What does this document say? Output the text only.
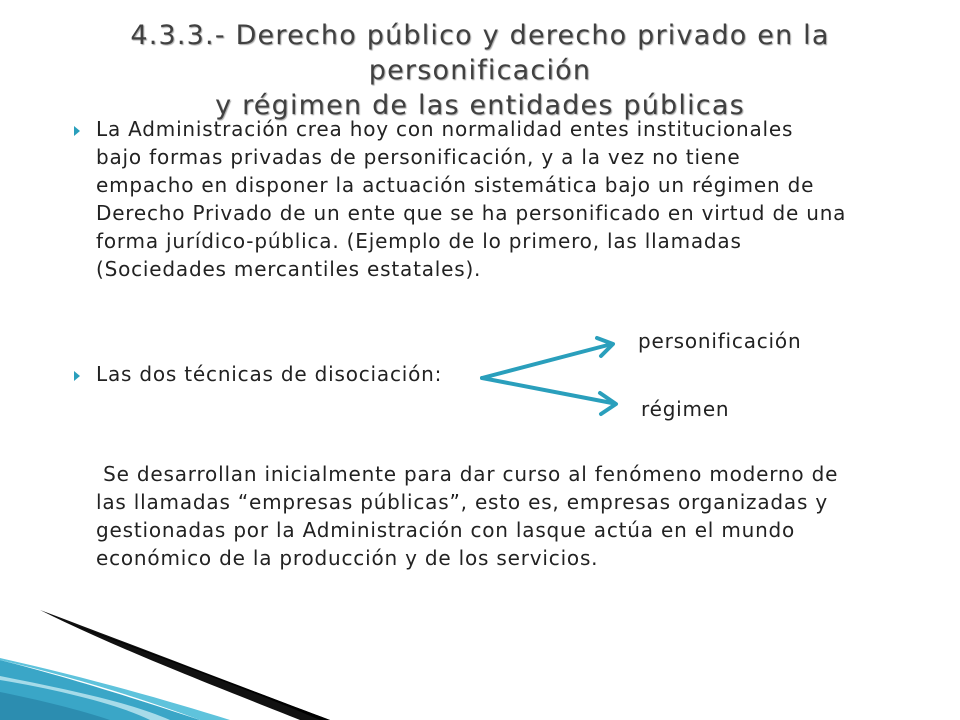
4.3.3.- Derecho público y derecho privado en la personificación
y régimen de las entidades públicas
La Administración crea hoy con normalidad entes institucionales
bajo formas privadas de personificación, y a la vez no tiene
empacho en disponer la actuación sistemática bajo un régimen de
Derecho Privado de un ente que se ha personificado en virtud de una
forma jurídico-pública. (Ejemplo de lo primero, las llamadas
(Sociedades mercantiles estatales).
personificación
Las dos técnicas de disociación:
régimen
Se desarrollan inicialmente para dar curso al fenómeno moderno de
las llamadas “empresas públicas”, esto es, empresas organizadas y
gestionadas por la Administración con lasque actúa en el mundo
económico de la producción y de los servicios.
